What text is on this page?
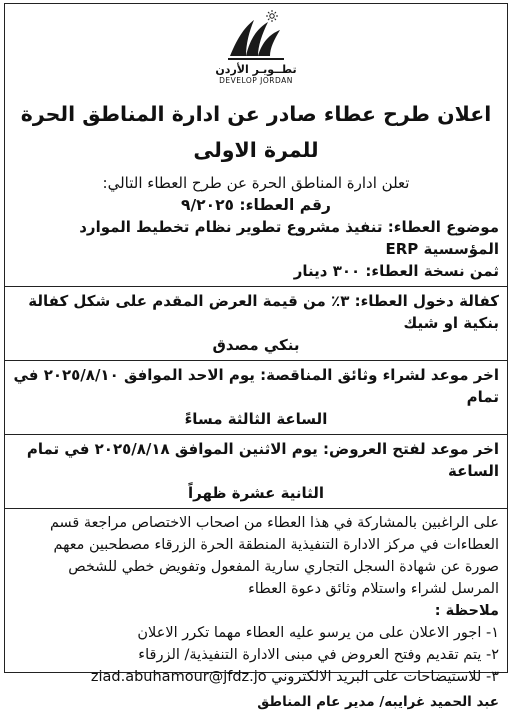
تطــويـر الأردن
DEVELOP JORDAN
اعلان طرح عطاء صادر عن ادارة المناطق الحرة
للمرة الاولى
تعلن ادارة المناطق الحرة عن طرح العطاء التالي:
رقم العطاء: ٩/٢٠٢٥
موضوع العطاء: تنفيذ مشروع تطوير نظام تخطيط الموارد المؤسسية ERP
ثمن نسخة العطاء: ٣٠٠ دينار
كفالة دخول العطاء: ٣٪ من قيمة العرض المقدم على شكل كفالة بنكية او شيك
بنكي مصدق
اخر موعد لشراء وثائق المناقصة: يوم الاحد الموافق ٢٠٢٥/٨/١٠ في تمام
الساعة الثالثة مساءً
اخر موعد لفتح العروض: يوم الاثنين الموافق ٢٠٢٥/٨/١٨ في تمام الساعة
الثانية عشرة ظهراً
على الراغبين بالمشاركة في هذا العطاء من اصحاب الاختصاص مراجعة قسم
العطاءات في مركز الادارة التنفيذية المنطقة الحرة الزرقاء مصطحبين معهم
صورة عن شهادة السجل التجاري سارية المفعول وتفويض خطي للشخص
المرسل لشراء واستلام وثائق دعوة العطاء
ملاحظة :
١- اجور الاعلان على من يرسو عليه العطاء مهما تكرر الاعلان
٢- يتم تقديم وفتح العروض في مبنى الادارة التنفيذية/ الزرقاء
٣- للاستيضاحات على البريد الالكتروني ziad.abuhamour@jfdz.jo
عبد الحميد غرايبه/ مدير عام المناطق
